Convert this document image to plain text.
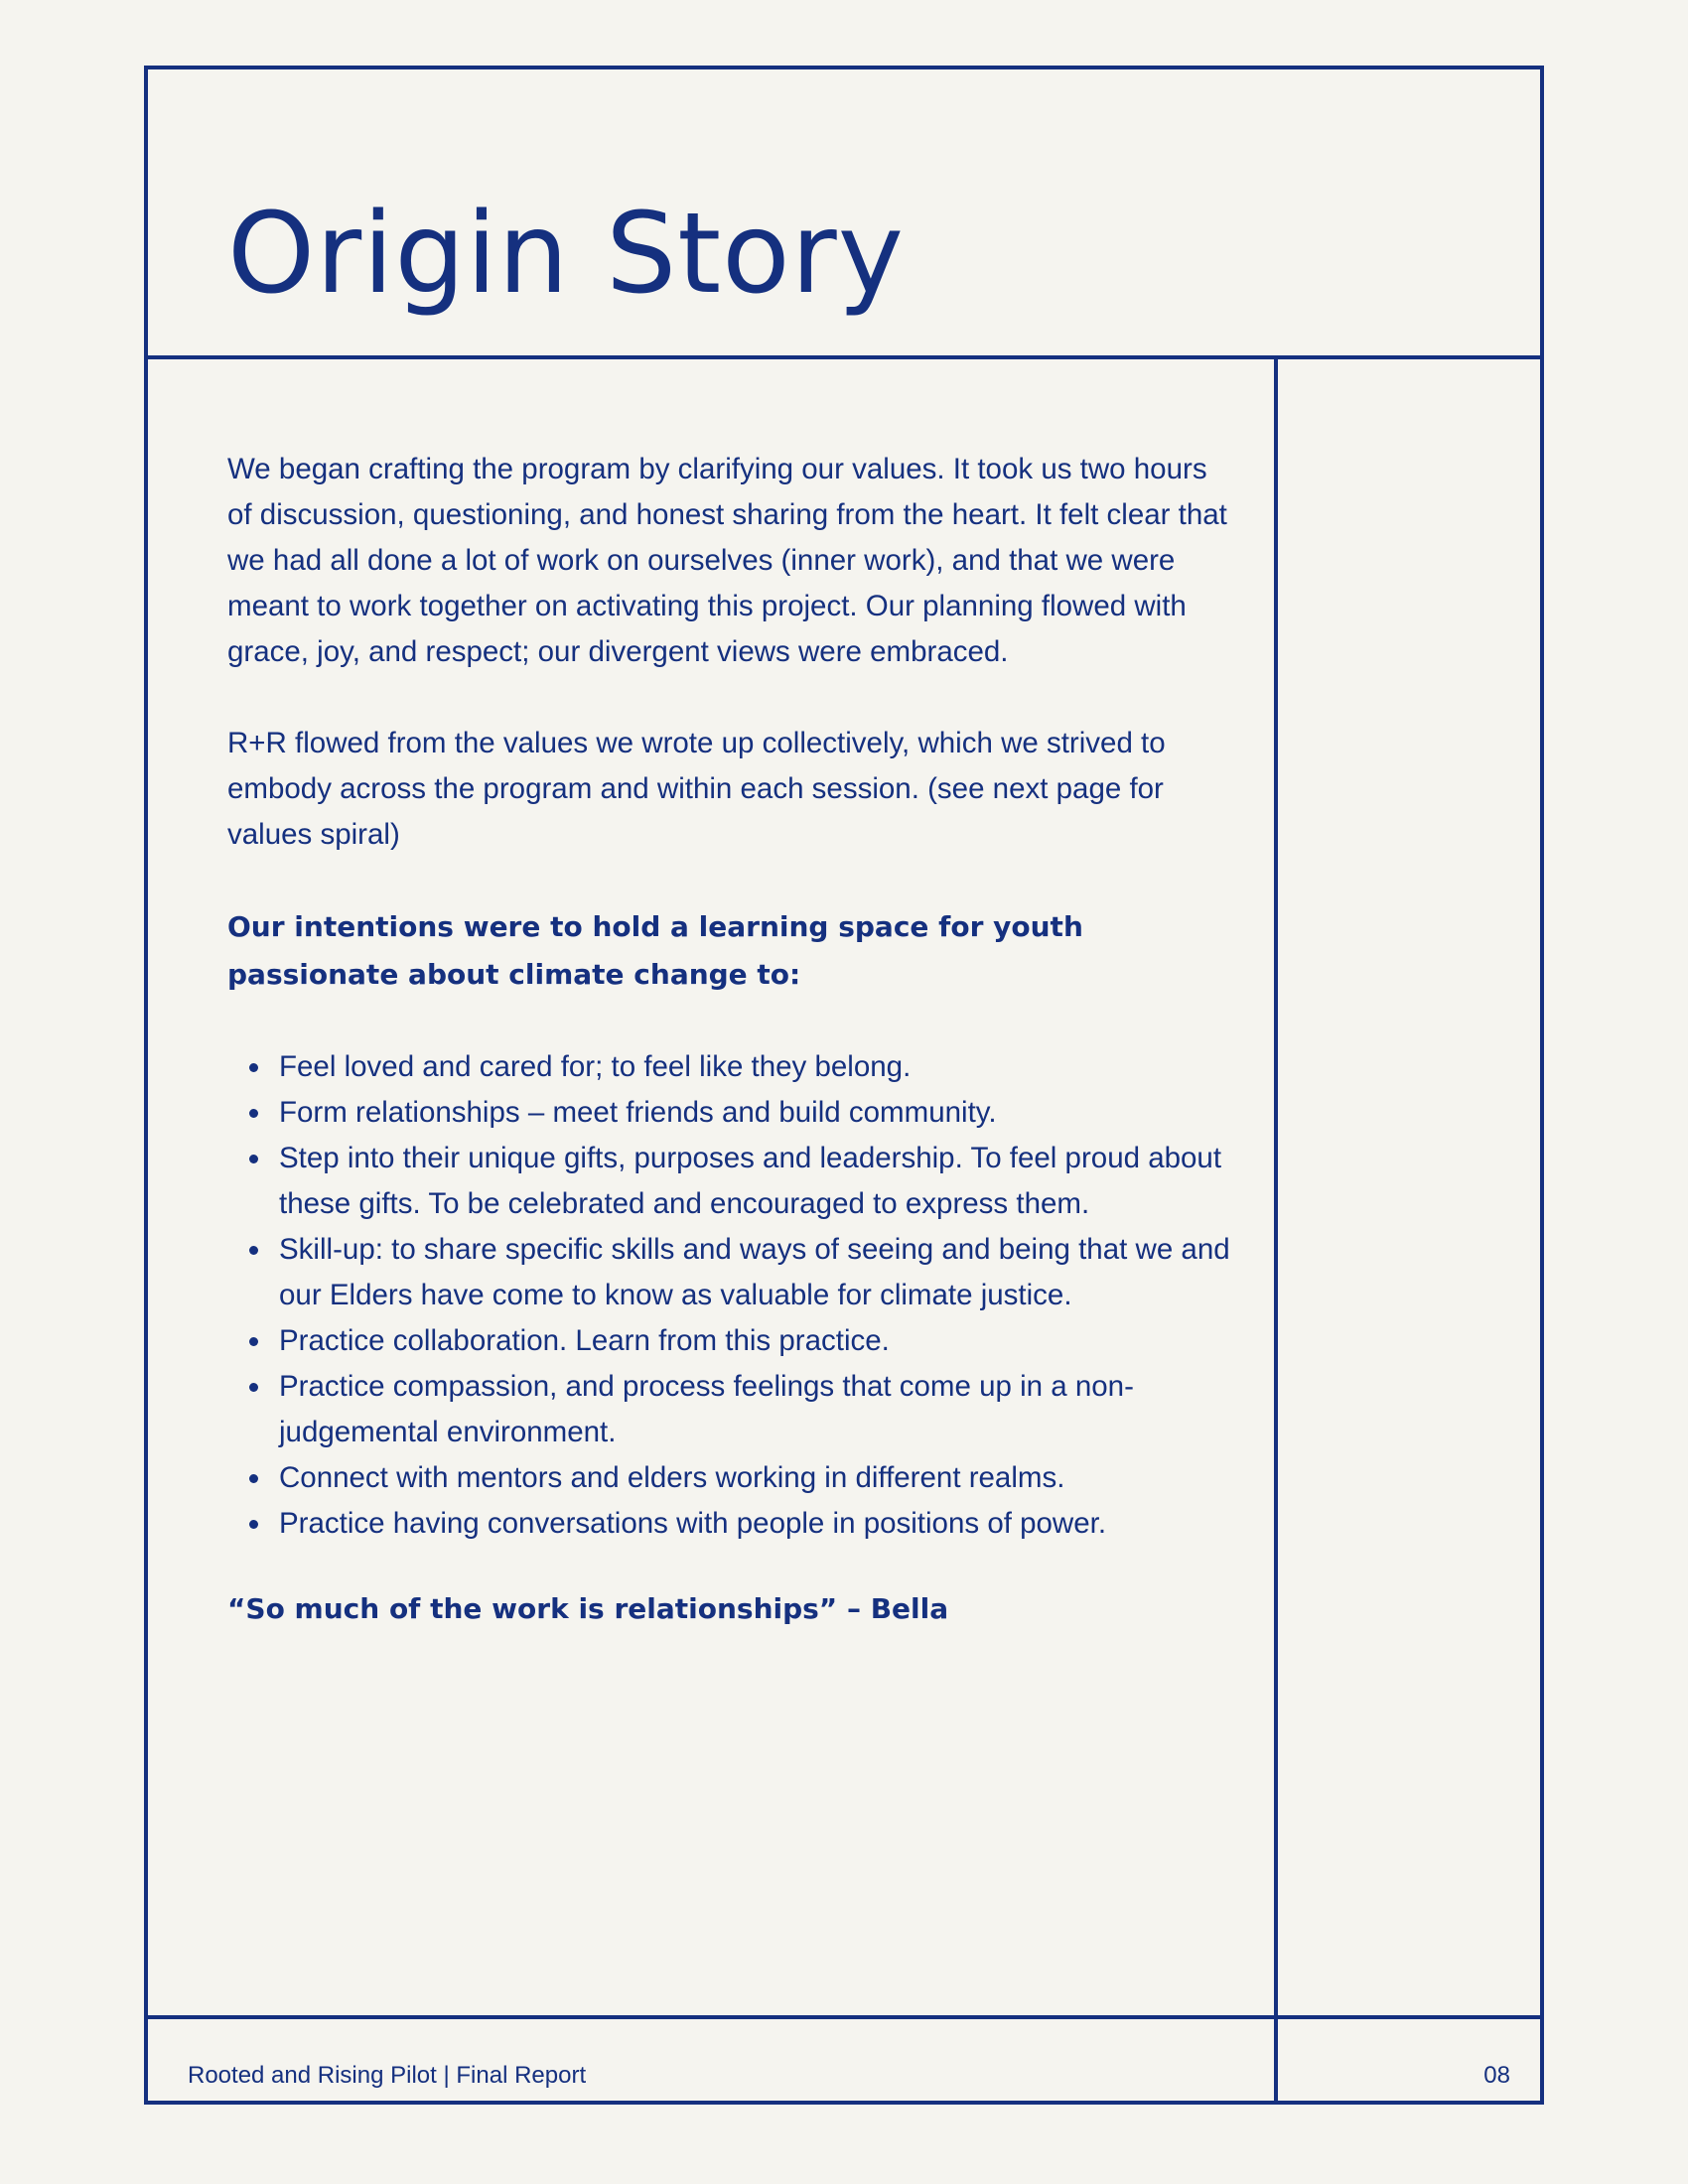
Origin Story

We began crafting the program by clarifying our values. It took us two hours of discussion, questioning, and honest sharing from the heart. It felt clear that we had all done a lot of work on ourselves (inner work), and that we were meant to work together on activating this project. Our planning flowed with grace, joy, and respect; our divergent views were embraced.

R+R flowed from the values we wrote up collectively, which we strived to embody across the program and within each session. (see next page for values spiral)

Our intentions were to hold a learning space for youth passionate about climate change to:

Feel loved and cared for; to feel like they belong.
Form relationships – meet friends and build community.
Step into their unique gifts, purposes and leadership. To feel proud about these gifts. To be celebrated and encouraged to express them.
Skill-up: to share specific skills and ways of seeing and being that we and our Elders have come to know as valuable for climate justice.
Practice collaboration. Learn from this practice.
Practice compassion, and process feelings that come up in a non-judgemental environment.
Connect with mentors and elders working in different realms.
Practice having conversations with people in positions of power.

“So much of the work is relationships” – Bella

Rooted and Rising Pilot | Final Report	08
